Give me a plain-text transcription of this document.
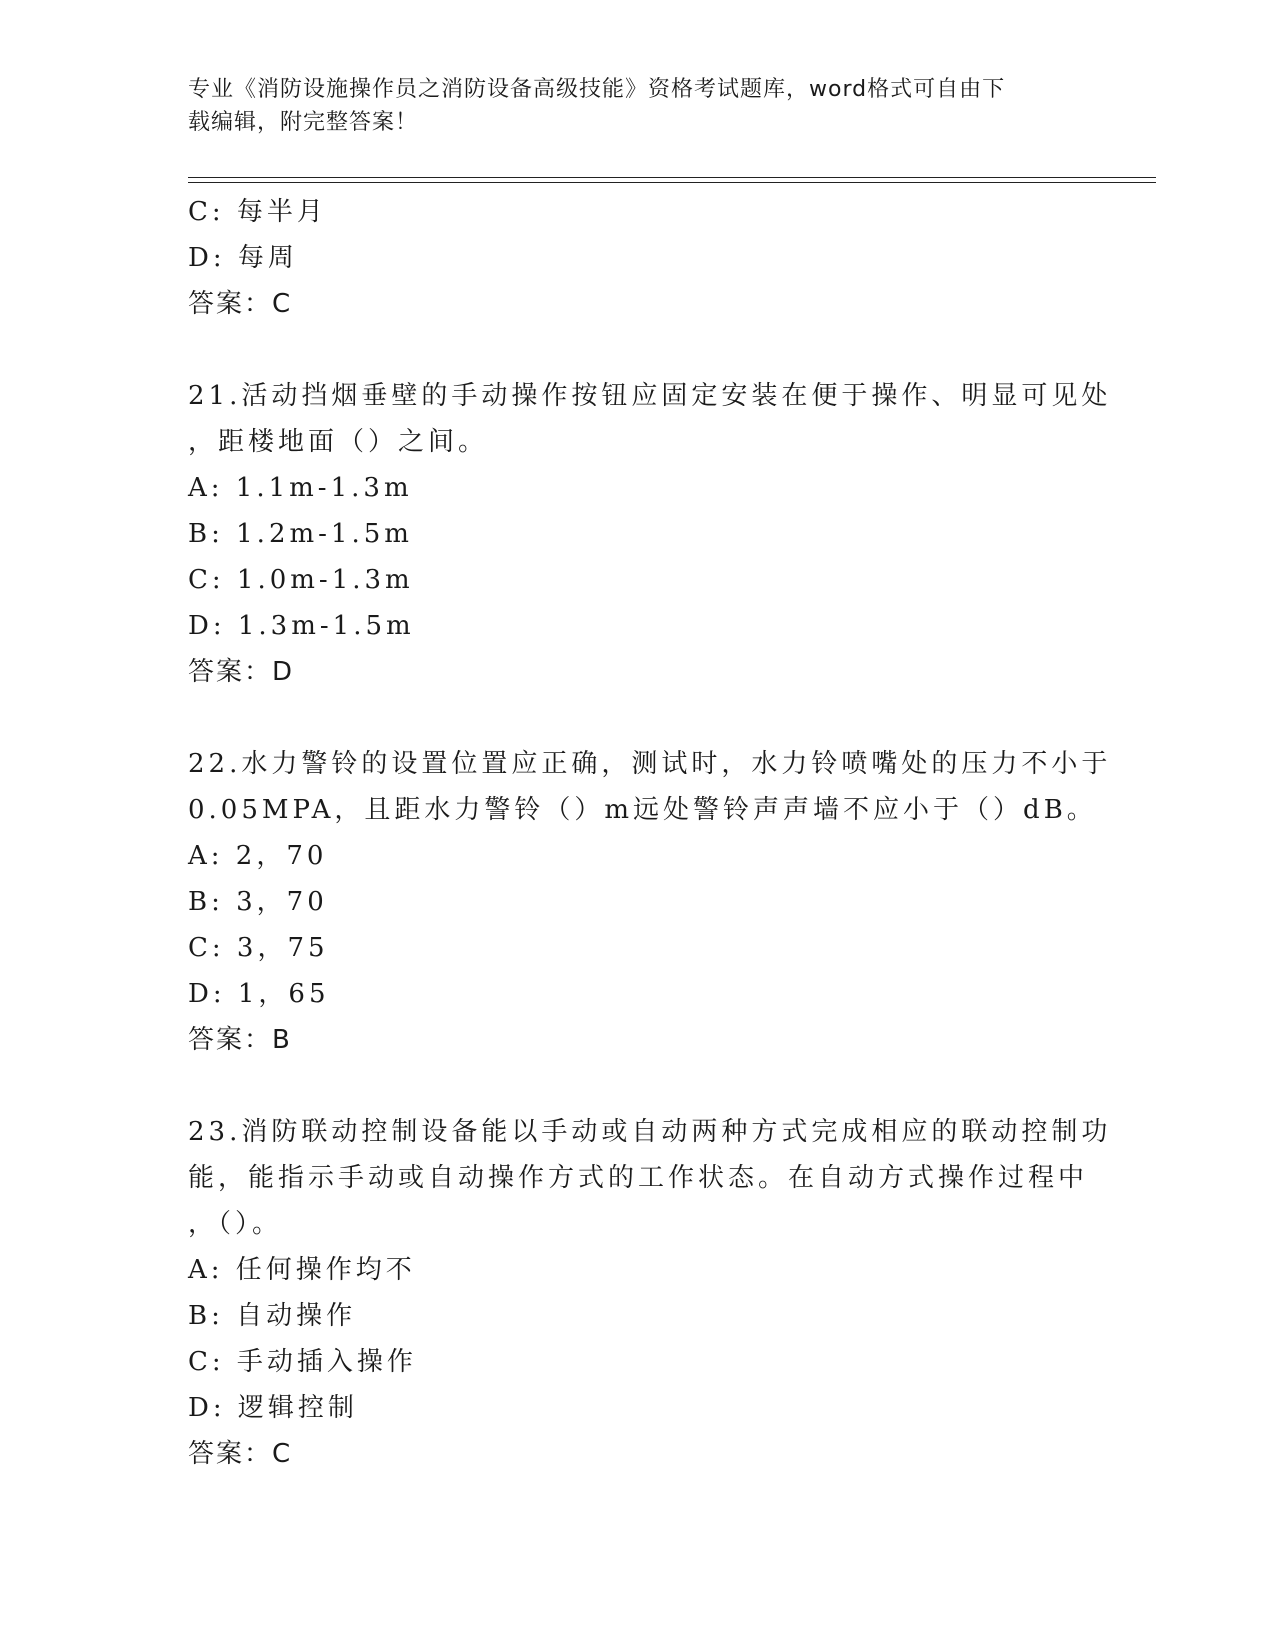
专业《消防设施操作员之消防设备高级技能》资格考试题库，word格式可自由下
载编辑，附完整答案！
C: 每半月
D: 每周
答案：C
21.活动挡烟垂壁的手动操作按钮应固定安装在便于操作、明显可见处
，距楼地面（）之间。
A: 1.1m-1.3m
B: 1.2m-1.5m
C: 1.0m-1.3m
D: 1.3m-1.5m
答案：D
22.水力警铃的设置位置应正确，测试时，水力铃喷嘴处的压力不小于
0.05MPA，且距水力警铃（）m远处警铃声声墙不应小于（）dB。
A: 2，70
B: 3，70
C: 3，75
D: 1，65
答案：B
23.消防联动控制设备能以手动或自动两种方式完成相应的联动控制功
能，能指示手动或自动操作方式的工作状态。在自动方式操作过程中
，（）。
A: 任何操作均不
B: 自动操作
C: 手动插入操作
D: 逻辑控制
答案：C
